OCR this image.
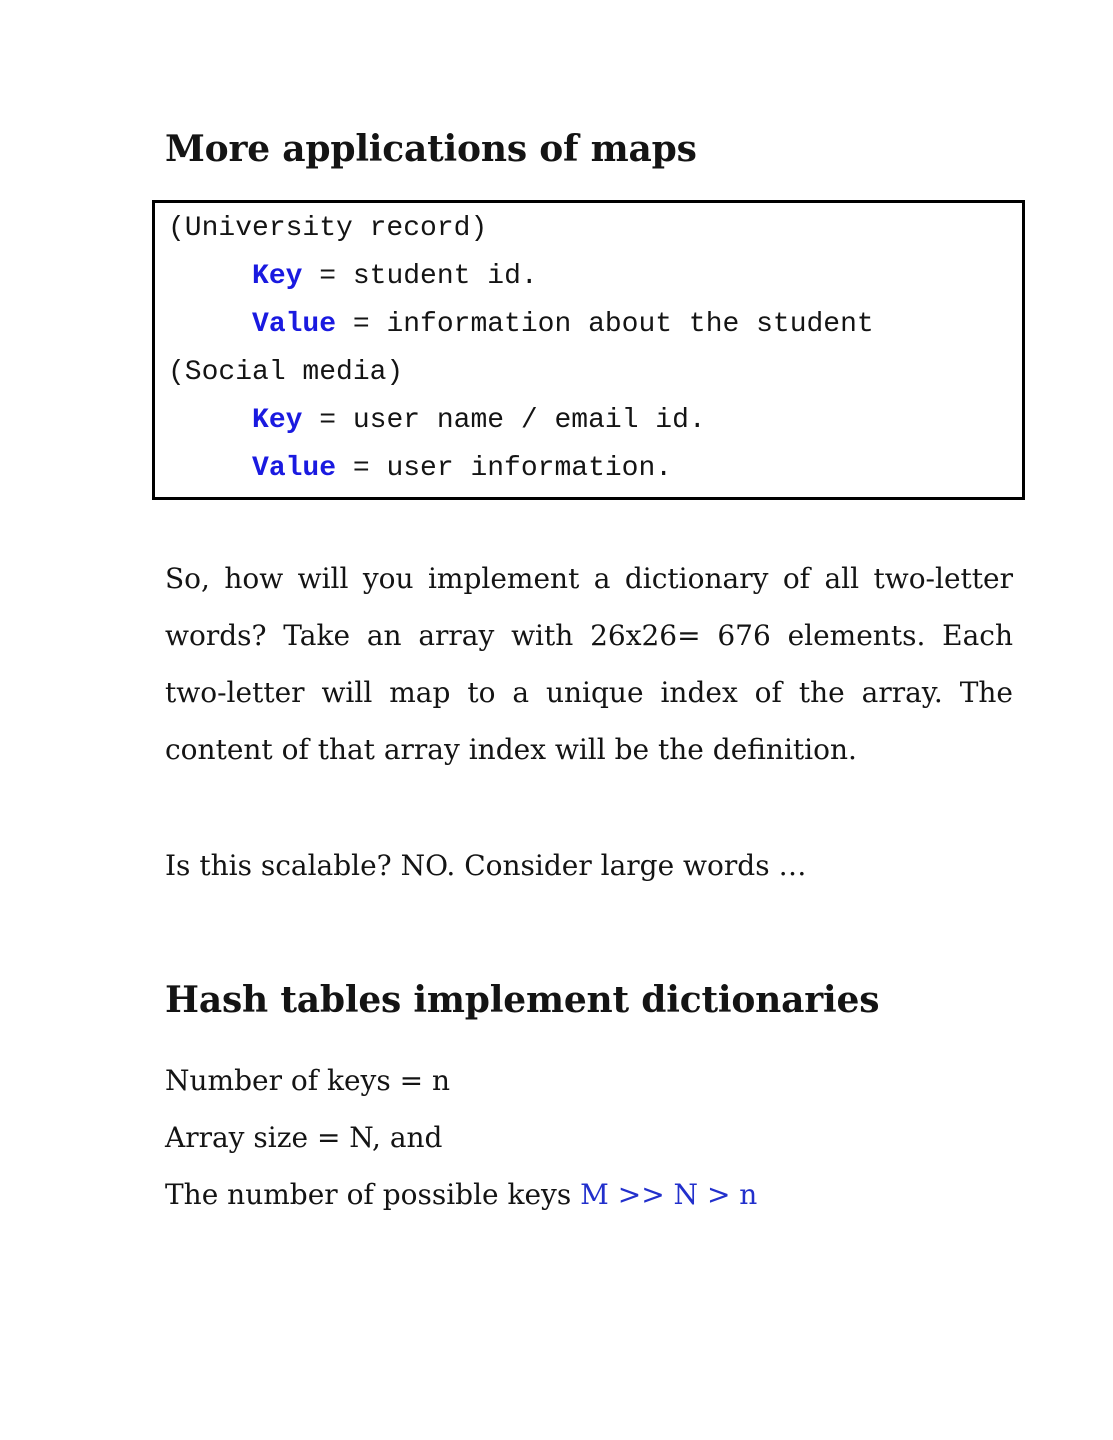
More applications of maps
(University record)
Key = student id.
Value = information about the student
(Social media)
Key = user name / email id.
Value = user information.

So, how will you implement a dictionary of all two-letter

words? Take an array with 26x26= 676 elements. Each

two-letter will map to a unique index of the array. The

content of that array index will be the definition.

Is this scalable? NO. Consider large words …

Hash tables implement dictionaries

Number of keys = n

Array size = N, and

The number of possible keys M >> N > n
